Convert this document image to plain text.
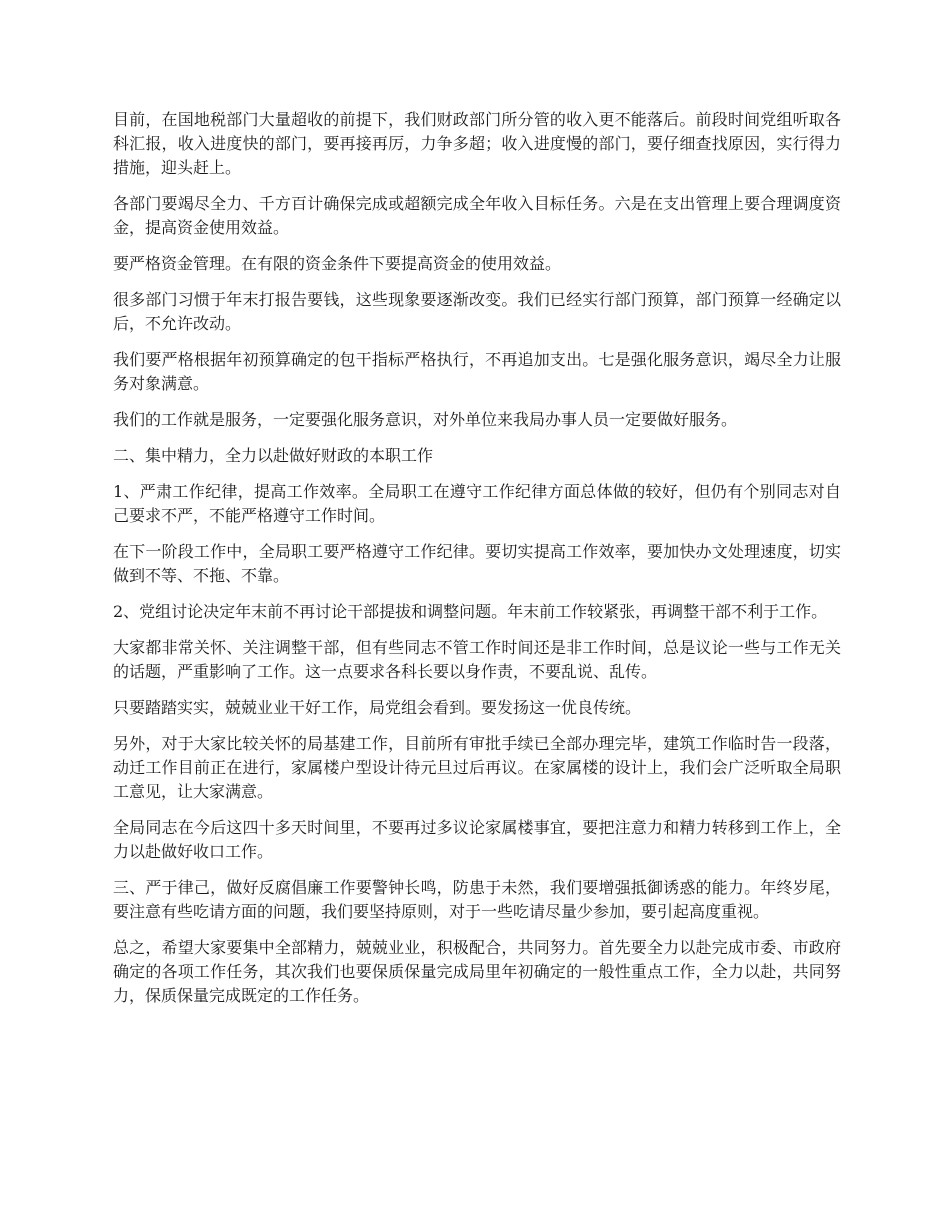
目前，在国地税部门大量超收的前提下，我们财政部门所分管的收入更不能落后。前段时间党组听取各科汇报，收入进度快的部门，要再接再厉，力争多超；收入进度慢的部门，要仔细查找原因，实行得力措施，迎头赶上。

各部门要竭尽全力、千方百计确保完成或超额完成全年收入目标任务。六是在支出管理上要合理调度资金，提高资金使用效益。

要严格资金管理。在有限的资金条件下要提高资金的使用效益。

很多部门习惯于年末打报告要钱，这些现象要逐渐改变。我们已经实行部门预算，部门预算一经确定以后，不允许改动。

我们要严格根据年初预算确定的包干指标严格执行，不再追加支出。七是强化服务意识，竭尽全力让服务对象满意。

我们的工作就是服务，一定要强化服务意识，对外单位来我局办事人员一定要做好服务。

二、集中精力，全力以赴做好财政的本职工作

1、严肃工作纪律，提高工作效率。全局职工在遵守工作纪律方面总体做的较好，但仍有个别同志对自己要求不严，不能严格遵守工作时间。

在下一阶段工作中，全局职工要严格遵守工作纪律。要切实提高工作效率，要加快办文处理速度，切实做到不等、不拖、不靠。

2、党组讨论决定年末前不再讨论干部提拔和调整问题。年末前工作较紧张，再调整干部不利于工作。

大家都非常关怀、关注调整干部，但有些同志不管工作时间还是非工作时间，总是议论一些与工作无关的话题，严重影响了工作。这一点要求各科长要以身作责，不要乱说、乱传。

只要踏踏实实，兢兢业业干好工作，局党组会看到。要发扬这一优良传统。

另外，对于大家比较关怀的局基建工作，目前所有审批手续已全部办理完毕，建筑工作临时告一段落，动迁工作目前正在进行，家属楼户型设计待元旦过后再议。在家属楼的设计上，我们会广泛听取全局职工意见，让大家满意。

全局同志在今后这四十多天时间里，不要再过多议论家属楼事宜，要把注意力和精力转移到工作上，全力以赴做好收口工作。

三、严于律己，做好反腐倡廉工作要警钟长鸣，防患于未然，我们要增强抵御诱惑的能力。年终岁尾，要注意有些吃请方面的问题，我们要坚持原则，对于一些吃请尽量少参加，要引起高度重视。

总之，希望大家要集中全部精力，兢兢业业，积极配合，共同努力。首先要全力以赴完成市委、市政府确定的各项工作任务，其次我们也要保质保量完成局里年初确定的一般性重点工作，全力以赴，共同努力，保质保量完成既定的工作任务。
